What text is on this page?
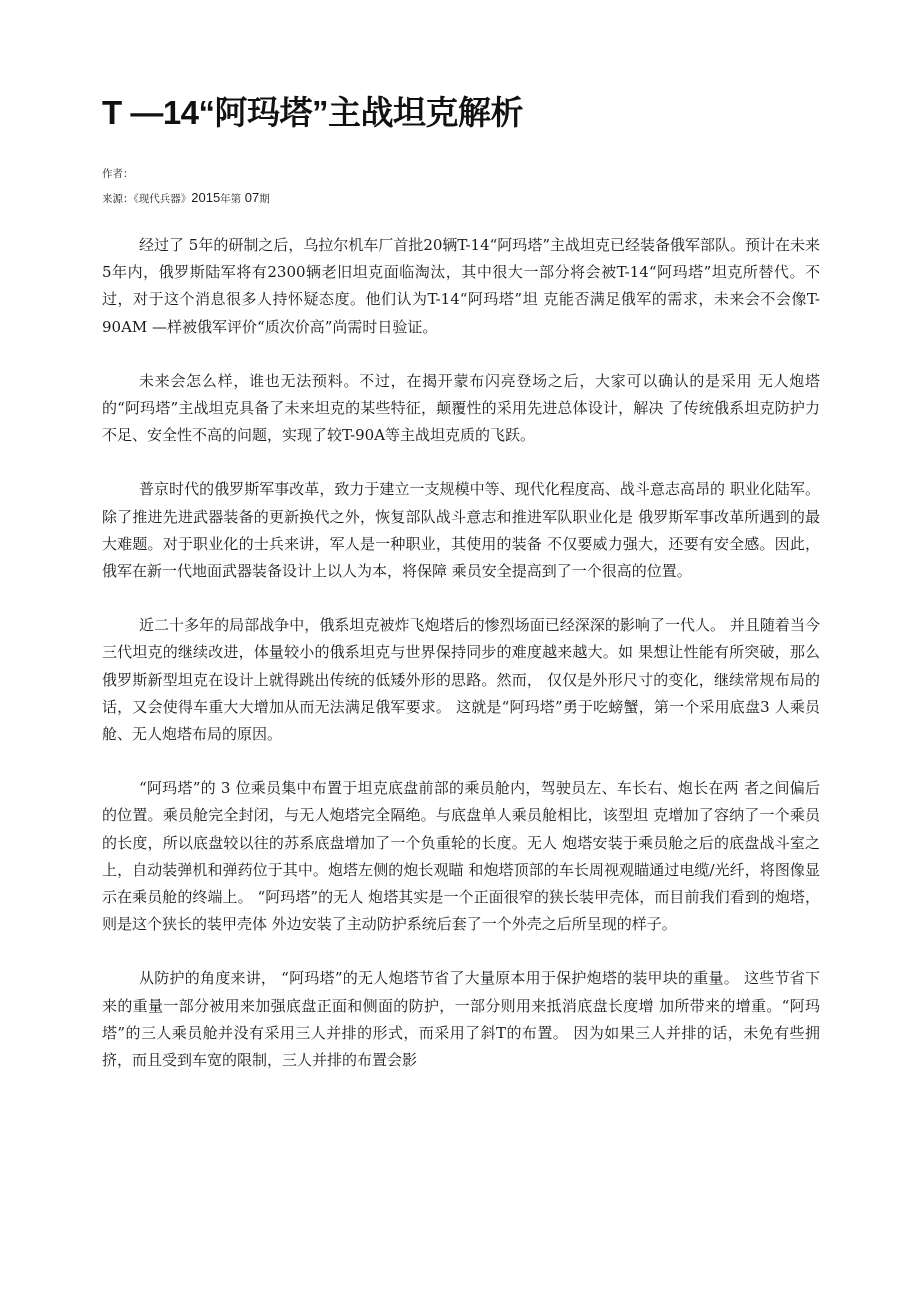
T —14“阿玛塔”主战坦克解析
作者：
来源：《现代兵器》2015年第 07期

经过了 5年的研制之后，乌拉尔机车厂首批20辆T-14“阿玛塔”主战坦克已经装备俄军部队。预计在未来5年内，俄罗斯陆军将有2300辆老旧坦克面临淘汰，其中很大一部分将会被T-14“阿玛塔”坦克所替代。不过，对于这个消息很多人持怀疑态度。他们认为T-14“阿玛塔”坦 克能否满足俄军的需求，未来会不会像T-90AM —样被俄军评价“质次价高”尚需时日验证。

未来会怎么样，谁也无法预料。不过，在揭开蒙布闪亮登场之后，大家可以确认的是采用 无人炮塔的“阿玛塔”主战坦克具备了未来坦克的某些特征，颠覆性的采用先进总体设计，解决 了传统俄系坦克防护力不足、安全性不高的问题，实现了较T-90A等主战坦克质的飞跃。

普京时代的俄罗斯军事改革，致力于建立一支规模中等、现代化程度高、战斗意志高昂的 职业化陆军。除了推进先进武器装备的更新换代之外，恢复部队战斗意志和推进军队职业化是 俄罗斯军事改革所遇到的最大难题。对于职业化的士兵来讲，军人是一种职业，其使用的装备 不仅要威力强大，还要有安全感。因此，俄军在新一代地面武器装备设计上以人为本，将保障 乘员安全提高到了一个很高的位置。

近二十多年的局部战争中，俄系坦克被炸飞炮塔后的惨烈场面已经深深的影响了一代人。 并且随着当今三代坦克的继续改进，体量较小的俄系坦克与世界保持同步的难度越来越大。如 果想让性能有所突破，那么俄罗斯新型坦克在设计上就得跳出传统的低矮外形的思路。然而， 仅仅是外形尺寸的变化，继续常规布局的话，又会使得车重大大增加从而无法满足俄军要求。 这就是“阿玛塔”勇于吃螃蟹，第一个采用底盘3 人乘员舱、无人炮塔布局的原因。

“阿玛塔”的 3 位乘员集中布置于坦克底盘前部的乘员舱内，驾驶员左、车长右、炮长在两 者之间偏后的位置。乘员舱完全封闭，与无人炮塔完全隔绝。与底盘单人乘员舱相比，该型坦 克增加了容纳了一个乘员的长度，所以底盘较以往的苏系底盘增加了一个负重轮的长度。无人 炮塔安装于乘员舱之后的底盘战斗室之上，自动装弹机和弹药位于其中。炮塔左侧的炮长观瞄 和炮塔顶部的车长周视观瞄通过电缆/光纤，将图像显示在乘员舱的终端上。 “阿玛塔”的无人 炮塔其实是一个正面很窄的狭长装甲壳体，而目前我们看到的炮塔，则是这个狭长的装甲壳体 外边安装了主动防护系统后套了一个外壳之后所呈现的样子。

从防护的角度来讲， “阿玛塔”的无人炮塔节省了大量原本用于保护炮塔的装甲块的重量。 这些节省下来的重量一部分被用来加强底盘正面和侧面的防护，一部分则用来抵消底盘长度增 加所带来的增重。“阿玛塔”的三人乘员舱并没有采用三人并排的形式，而采用了斜T的布置。 因为如果三人并排的话，未免有些拥挤，而且受到车宽的限制，三人并排的布置会影
